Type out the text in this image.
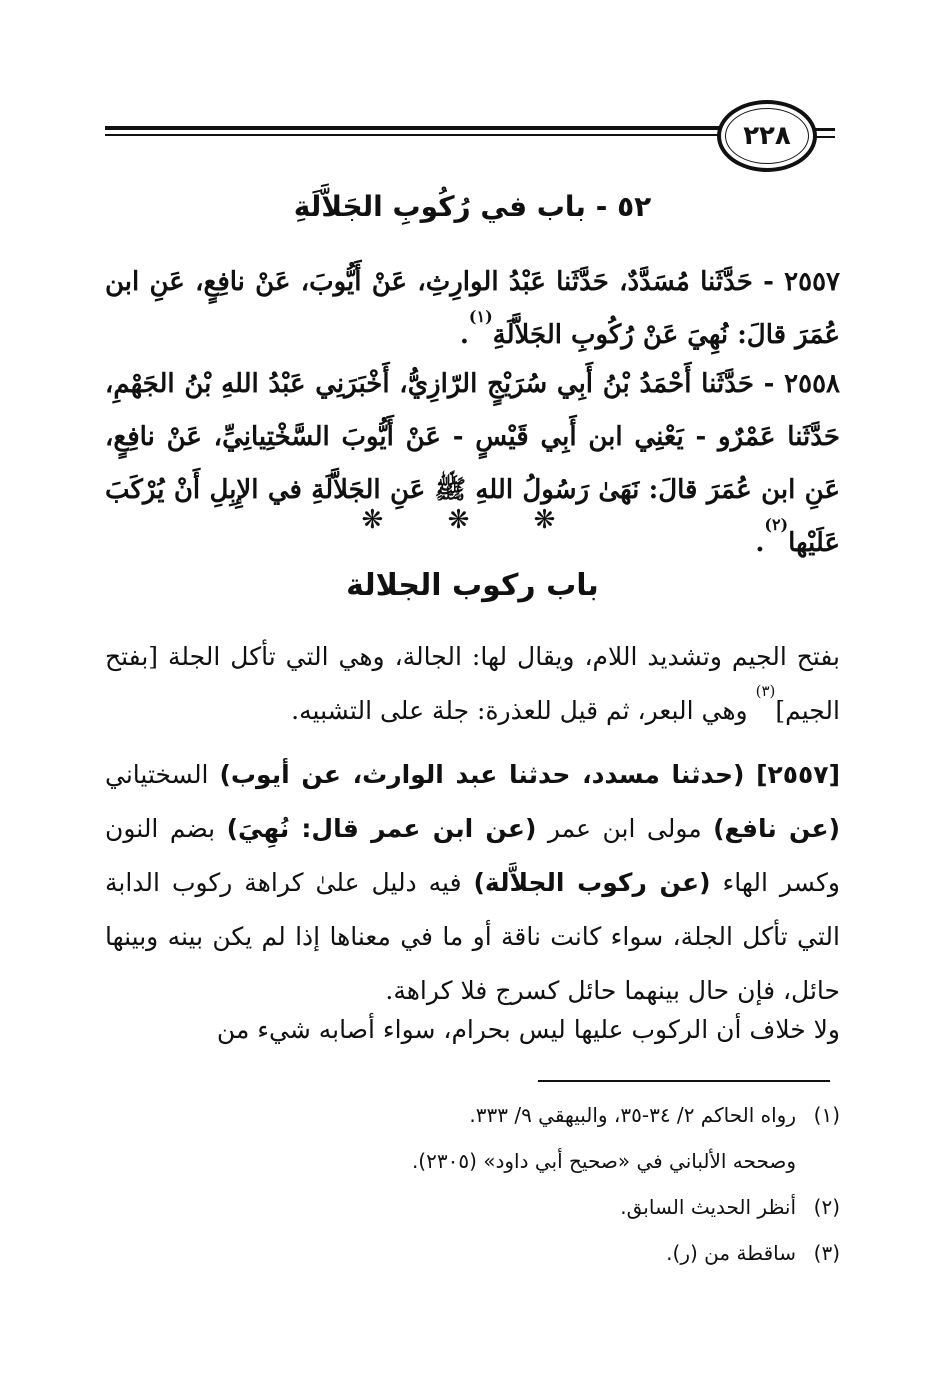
٢٢٨
٥٢ - باب في رُكُوبِ الجَلاَّلَةِ

٢٥٥٧ - حَدَّثَنا مُسَدَّدٌ، حَدَّثَنا عَبْدُ الوارِثِ، عَنْ أَيُّوبَ، عَنْ نافِعٍ، عَنِ ابن عُمَرَ قالَ: نُهِيَ عَنْ رُكُوبِ الجَلاَّلَةِ$^{(١)}$.

٢٥٥٨ - حَدَّثَنا أَحْمَدُ بْنُ أَبِي سُرَيْجٍ الرّازِيُّ، أَخْبَرَنِي عَبْدُ اللهِ بْنُ الجَهْمِ، حَدَّثَنا عَمْرٌو - يَعْنِي ابن أَبِي قَيْسٍ - عَنْ أَيُّوبَ السَّخْتِيانِيِّ، عَنْ نافِعٍ، عَنِ ابن عُمَرَ قالَ: نَهَىٰ رَسُولُ اللهِ ﷺ عَنِ الجَلاَّلَةِ في الإِبِلِ أَنْ يُرْكَبَ عَلَيْها$^{(٢)}$.

❋ ❋ ❋
باب ركوب الجلالة

بفتح الجيم وتشديد اللام، ويقال لها: الجالة، وهي التي تأكل الجلة [بفتح الجيم]$^{(٣)}$ وهي البعر، ثم قيل للعذرة: جلة على التشبيه.

[٢٥٥٧] (حدثنا مسدد، حدثنا عبد الوارث، عن أيوب) السختياني (عن نافع) مولى ابن عمر (عن ابن عمر قال: نُهِيَ) بضم النون وكسر الهاء (عن ركوب الجلاَّلة) فيه دليل علىٰ كراهة ركوب الدابة التي تأكل الجلة، سواء كانت ناقة أو ما في معناها إذا لم يكن بينه وبينها حائل، فإن حال بينهما حائل كسرج فلا كراهة.

ولا خلاف أن الركوب عليها ليس بحرام، سواء أصابه شيء من

(١)رواه الحاكم ٢/ ٣٤-٣٥، والبيهقي ٩/ ٣٣٣.

وصححه الألباني في «صحيح أبي داود» (٢٣٠٥).

(٢)أنظر الحديث السابق.

(٣)ساقطة من (ر).
